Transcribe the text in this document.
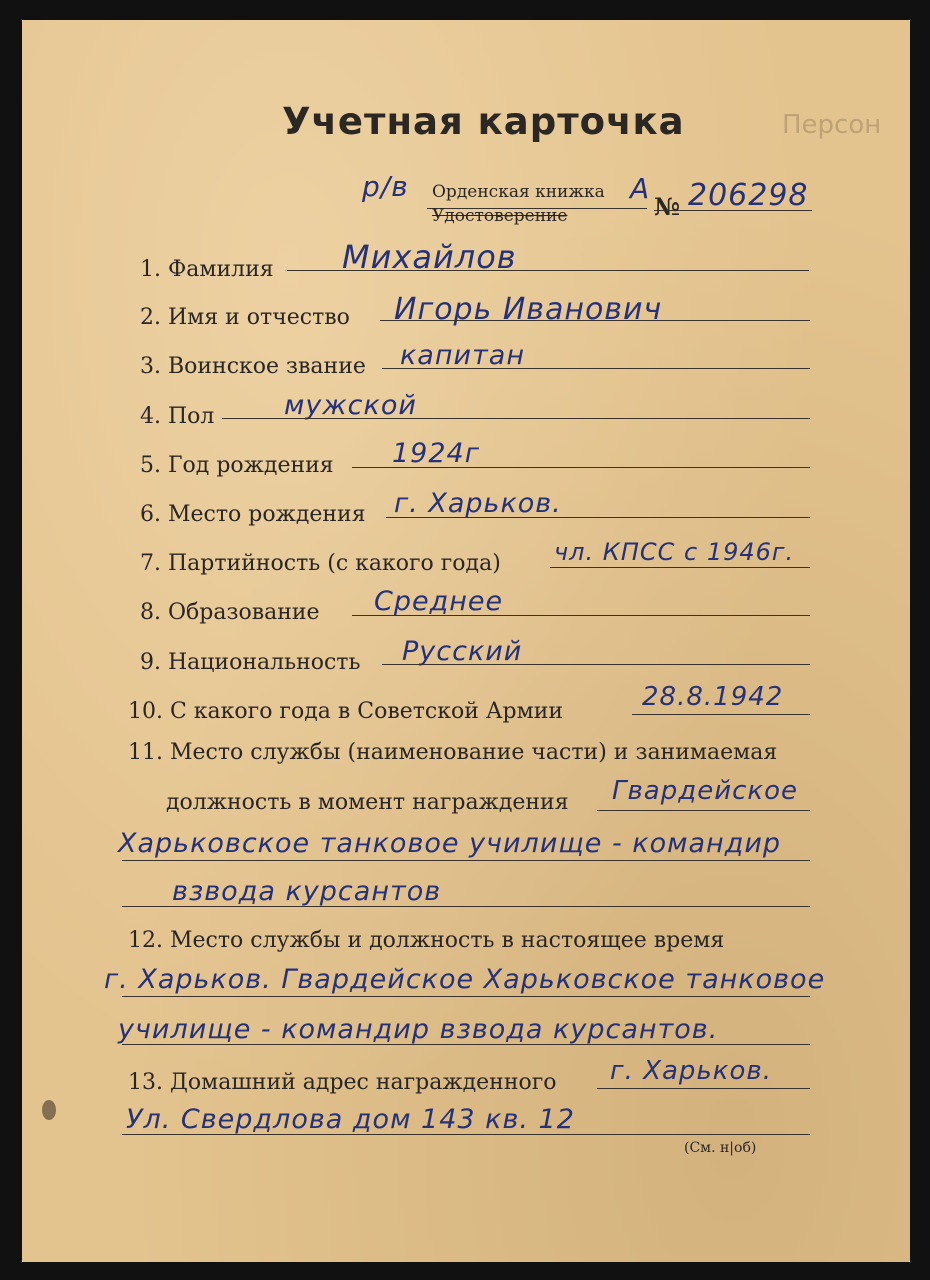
Персон
Учетная карточка
р/в Орденская книжка
Удостоверение
А
№ 206298
1. Фамилия Михайлов
2. Имя и отчество Игорь Иванович
3. Воинское звание капитан
4. Пол	мужской
5. Год рождения 1924г
6. Место рождения г. Харьков.
7. Партийность (с какого года) чл. КПСС с 1946г.
8. Образование Среднее
9. Национальность Русский
10. С какого года в Советской Армии	28.8.1942
11. Место службы (наименование части) и занимаемая
должность в момент награждения Гвардейское
Харьковское танковое училище - командир
взвода курсантов
12. Место службы и должность в настоящее время
г. Харьков. Гвардейское Харьковское танковое
училище - командир взвода курсантов.
13. Домашний адрес награжденного г. Харьков.
Ул. Свердлова дом 143 кв. 12
(См. н|об)
